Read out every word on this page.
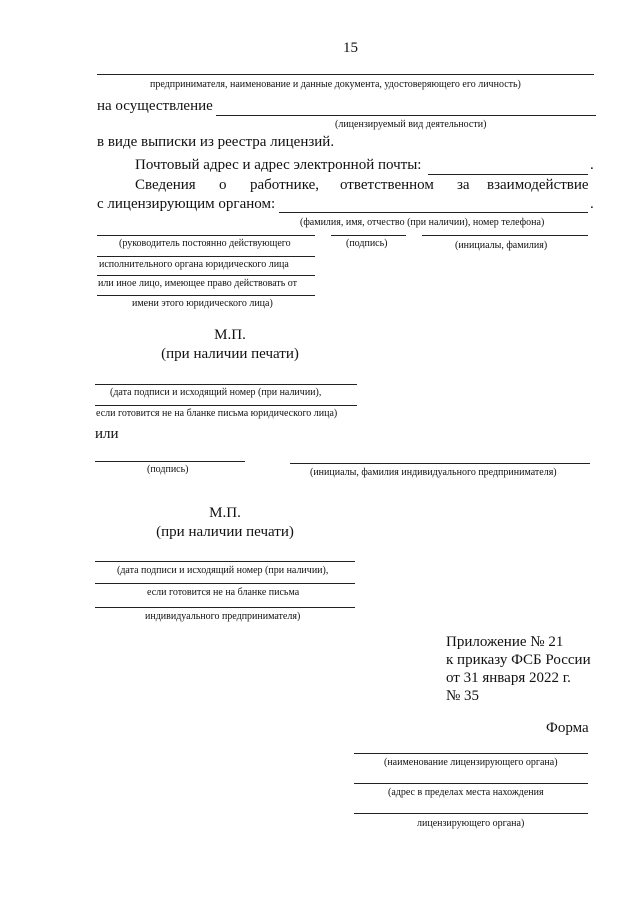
15
предпринимателя, наименование и данные документа, удостоверяющего его личность)
на осуществление
(лицензируемый вид деятельности)
в виде выписки из реестра лицензий.
Почтовый адрес и адрес электронной почты:	.
Сведения о работнике, ответственном за взаимодействие
с лицензирующим органом:	.
(фамилия, имя, отчество (при наличии), номер телефона)
(руководитель постоянно действующего	(подпись)	(инициалы, фамилия)
исполнительного органа юридического лица
или иное лицо, имеющее право действовать от
имени этого юридического лица)
М.П.
(при наличии печати)
(дата подписи и исходящий номер (при наличии),
если готовится не на бланке письма юридического лица)
или
(подпись)	(инициалы, фамилия индивидуального предпринимателя)
М.П.
(при наличии печати)
(дата подписи и исходящий номер (при наличии),
если готовится не на бланке письма
индивидуального предпринимателя)
Приложение № 21
к приказу ФСБ России
от 31 января 2022 г.
№ 35
Форма
(наименование лицензирующего органа)
(адрес в пределах места нахождения
лицензирующего органа)
